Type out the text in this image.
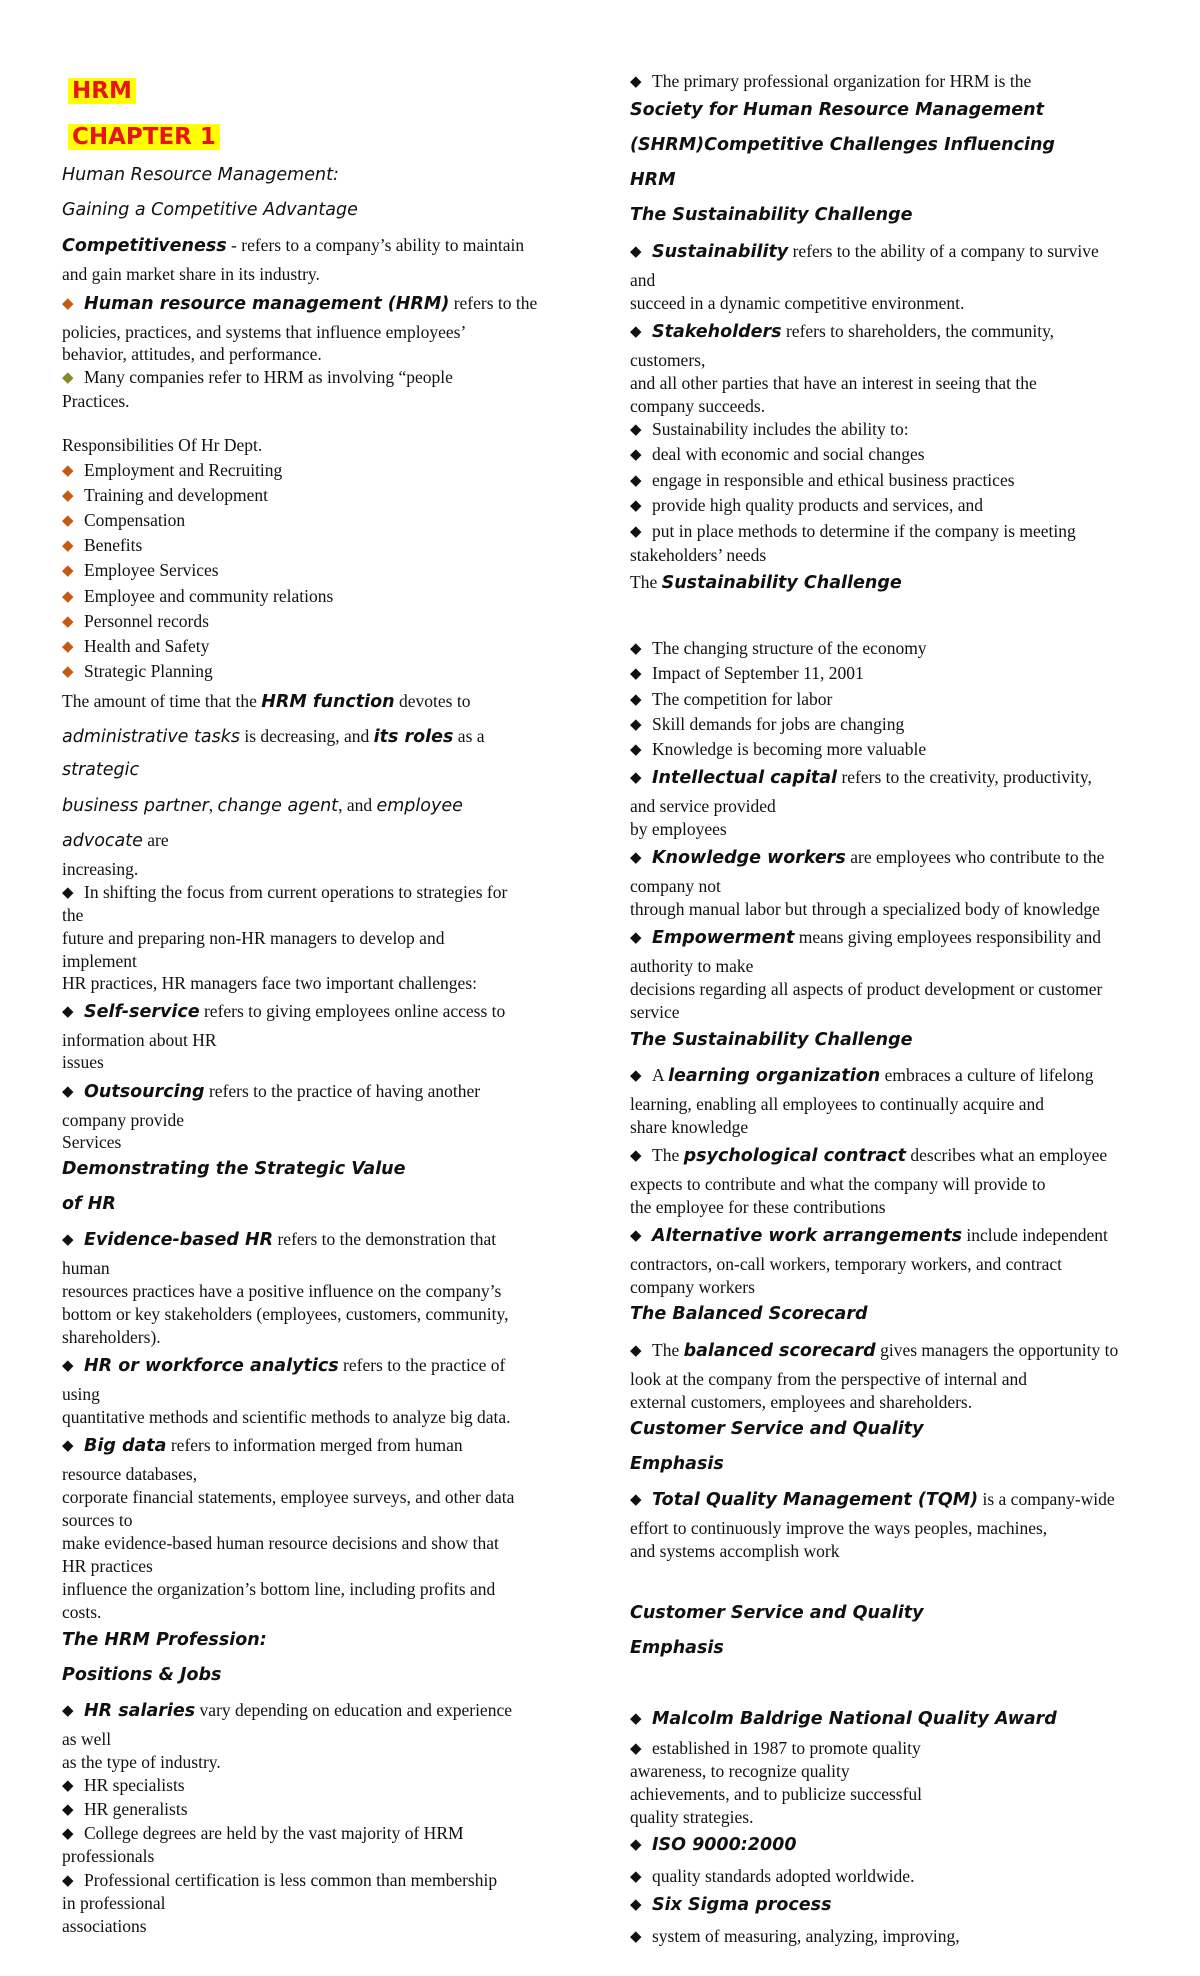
HRM
CHAPTER 1
Human Resource Management:
Gaining a Competitive Advantage
Competitiveness - refers to a company’s ability to maintain
and gain market share in its industry.
◆ Human resource management (HRM) refers to the
policies, practices, and systems that influence employees’
behavior, attitudes, and performance.
◆ Many companies refer to HRM as involving “people
Practices.
Responsibilities Of Hr Dept.
◆ Employment and Recruiting
◆ Training and development
◆ Compensation
◆ Benefits
◆ Employee Services
◆ Employee and community relations
◆ Personnel records
◆ Health and Safety
◆ Strategic Planning
The amount of time that the HRM function devotes to
administrative tasks is decreasing, and its roles as a
strategic
business partner, change agent, and employee
advocate are
increasing.
◆ In shifting the focus from current operations to strategies for
the
future and preparing non-HR managers to develop and
implement
HR practices, HR managers face two important challenges:
◆ Self-service refers to giving employees online access to
information about HR
issues
◆ Outsourcing refers to the practice of having another
company provide
Services
Demonstrating the Strategic Value
of HR
◆ Evidence-based HR refers to the demonstration that
human
resources practices have a positive influence on the company’s
bottom or key stakeholders (employees, customers, community,
shareholders).
◆ HR or workforce analytics refers to the practice of
using
quantitative methods and scientific methods to analyze big data.
◆ Big data refers to information merged from human
resource databases,
corporate financial statements, employee surveys, and other data
sources to
make evidence-based human resource decisions and show that
HR practices
influence the organization’s bottom line, including profits and
costs.
The HRM Profession:
Positions & Jobs
◆ HR salaries vary depending on education and experience
as well
as the type of industry.
◆ HR specialists
◆ HR generalists
◆ College degrees are held by the vast majority of HRM
professionals
◆ Professional certification is less common than membership
in professional
associations
◆ The primary professional organization for HRM is the
Society for Human Resource Management
(SHRM)Competitive Challenges Influencing
HRM
The Sustainability Challenge
◆ Sustainability refers to the ability of a company to survive
and
succeed in a dynamic competitive environment.
◆ Stakeholders refers to shareholders, the community,
customers,
and all other parties that have an interest in seeing that the
company succeeds.
◆ Sustainability includes the ability to:
◆ deal with economic and social changes
◆ engage in responsible and ethical business practices
◆ provide high quality products and services, and
◆ put in place methods to determine if the company is meeting
stakeholders’ needs
The Sustainability Challenge
◆ The changing structure of the economy
◆ Impact of September 11, 2001
◆ The competition for labor
◆ Skill demands for jobs are changing
◆ Knowledge is becoming more valuable
◆ Intellectual capital refers to the creativity, productivity,
and service provided
by employees
◆ Knowledge workers are employees who contribute to the
company not
through manual labor but through a specialized body of knowledge
◆ Empowerment means giving employees responsibility and
authority to make
decisions regarding all aspects of product development or customer
service
The Sustainability Challenge
◆ A learning organization embraces a culture of lifelong
learning, enabling all employees to continually acquire and
share knowledge
◆ The psychological contract describes what an employee
expects to contribute and what the company will provide to
the employee for these contributions
◆ Alternative work arrangements include independent
contractors, on-call workers, temporary workers, and contract
company workers
The Balanced Scorecard
◆ The balanced scorecard gives managers the opportunity to
look at the company from the perspective of internal and
external customers, employees and shareholders.
Customer Service and Quality
Emphasis
◆ Total Quality Management (TQM) is a company-wide
effort to continuously improve the ways peoples, machines,
and systems accomplish work
Customer Service and Quality
Emphasis
◆ Malcolm Baldrige National Quality Award
◆ established in 1987 to promote quality
awareness, to recognize quality
achievements, and to publicize successful
quality strategies.
◆ ISO 9000:2000
◆ quality standards adopted worldwide.
◆ Six Sigma process
◆ system of measuring, analyzing, improving,
